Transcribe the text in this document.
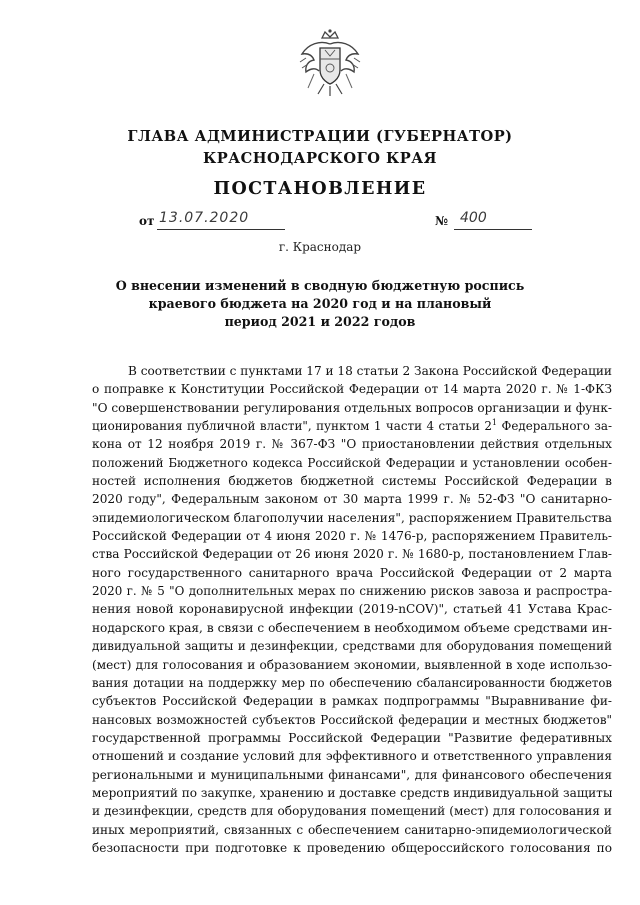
ГЛАВА АДМИНИСТРАЦИИ (ГУБЕРНАТОР)
КРАСНОДАРСКОГО КРАЯ
ПОСТАНОВЛЕНИЕ
от 13.07.2020	№ 400
г. Краснодар
О внесении изменений в сводную бюджетную роспись
краевого бюджета на 2020 год и на плановый
период 2021 и 2022 годов
В соответствии с пунктами 17 и 18 статьи 2 Закона Российской Федерации
о поправке к Конституции Российской Федерации от 14 марта 2020 г. № 1-ФКЗ
"О совершенствовании регулирования отдельных вопросов организации и функ-
ционирования публичной власти", пунктом 1 части 4 статьи $2^1$ Федерального за-
кона от 12 ноября 2019 г. № 367-ФЗ "О приостановлении действия отдельных
положений Бюджетного кодекса Российской Федерации и установлении особен-
ностей исполнения бюджетов бюджетной системы Российской Федерации в
2020 году", Федеральным законом от 30 марта 1999 г. № 52-ФЗ "О санитарно-
эпидемиологическом благополучии населения", распоряжением Правительства
Российской Федерации от 4 июня 2020 г. № 1476-р, распоряжением Правитель-
ства Российской Федерации от 26 июня 2020 г. № 1680-р, постановлением Глав-
ного государственного санитарного врача Российской Федерации от 2 марта
2020 г. № 5 "О дополнительных мерах по снижению рисков завоза и распростра-
нения новой коронавирусной инфекции (2019-nCOV)", статьей 41 Устава Крас-
нодарского края, в связи с обеспечением в необходимом объеме средствами ин-
дивидуальной защиты и дезинфекции, средствами для оборудования помещений
(мест) для голосования и образованием экономии, выявленной в ходе использо-
вания дотации на поддержку мер по обеспечению сбалансированности бюджетов
субъектов Российской Федерации в рамках подпрограммы "Выравнивание фи-
нансовых возможностей субъектов Российской федерации и местных бюджетов"
государственной программы Российской Федерации "Развитие федеративных
отношений и создание условий для эффективного и ответственного управления
региональными и муниципальными финансами", для финансового обеспечения
мероприятий по закупке, хранению и доставке средств индивидуальной защиты
и дезинфекции, средств для оборудования помещений (мест) для голосования и
иных мероприятий, связанных с обеспечением санитарно-эпидемиологической
безопасности при подготовке к проведению общероссийского голосования по
